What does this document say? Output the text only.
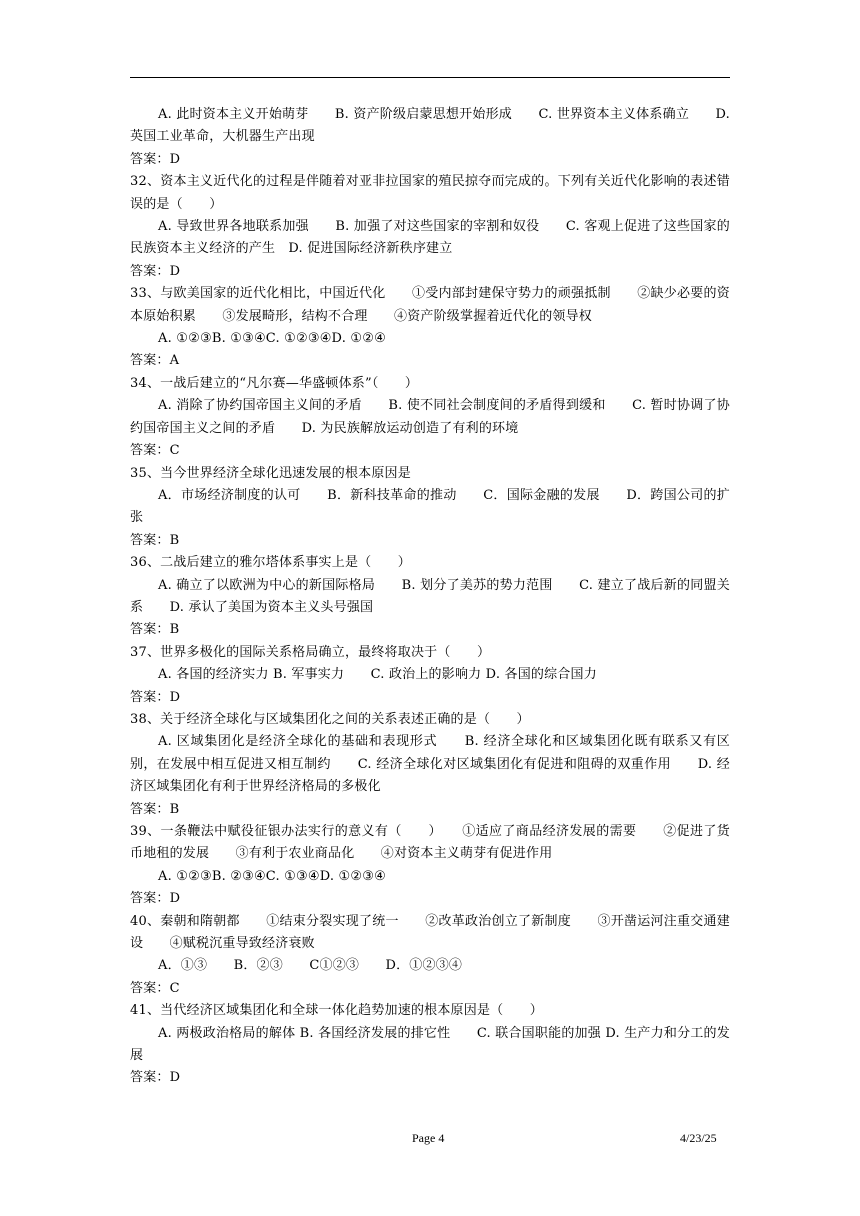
A. 此时资本主义开始萌芽　　B. 资产阶级启蒙思想开始形成　　C. 世界资本主义体系确立　　D. 英国工业革命，大机器生产出现

答案：D

32、资本主义近代化的过程是伴随着对亚非拉国家的殖民掠夺而完成的。下列有关近代化影响的表述错误的是（　　）

A. 导致世界各地联系加强　　B. 加强了对这些国家的宰割和奴役　　C. 客观上促进了这些国家的民族资本主义经济的产生　D. 促进国际经济新秩序建立

答案：D

33、与欧美国家的近代化相比，中国近代化　　①受内部封建保守势力的顽强抵制　　②缺少必要的资本原始积累　　③发展畸形，结构不合理　　④资产阶级掌握着近代化的领导权

A. ①②③B. ①③④C. ①②③④D. ①②④

答案：A

34、一战后建立的“凡尔赛—华盛顿体系”（　　）

A. 消除了协约国帝国主义间的矛盾　　B. 使不同社会制度间的矛盾得到缓和　　C. 暂时协调了协约国帝国主义之间的矛盾　　D. 为民族解放运动创造了有利的环境

答案：C

35、当今世界经济全球化迅速发展的根本原因是

A．市场经济制度的认可　　B．新科技革命的推动　　C．国际金融的发展　　D．跨国公司的扩张

答案：B

36、二战后建立的雅尔塔体系事实上是（　　）

A. 确立了以欧洲为中心的新国际格局　　B. 划分了美苏的势力范围　　C. 建立了战后新的同盟关系　　D. 承认了美国为资本主义头号强国

答案：B

37、世界多极化的国际关系格局确立，最终将取决于（　　）

A. 各国的经济实力 B. 军事实力　　C. 政治上的影响力 D. 各国的综合国力

答案：D

38、关于经济全球化与区域集团化之间的关系表述正确的是（　　）

A. 区域集团化是经济全球化的基础和表现形式　　B. 经济全球化和区域集团化既有联系又有区别，在发展中相互促进又相互制约　　C. 经济全球化对区域集团化有促进和阻碍的双重作用　　D. 经济区域集团化有利于世界经济格局的多极化

答案：B

39、一条鞭法中赋役征银办法实行的意义有（　　）　　①适应了商品经济发展的需要　　②促进了货币地租的发展　　③有利于农业商品化　　④对资本主义萌芽有促进作用

A. ①②③B. ②③④C. ①③④D. ①②③④

答案：D

40、秦朝和隋朝都　　①结束分裂实现了统一　　②改革政治创立了新制度　　③开凿运河注重交通建设　　④赋税沉重导致经济衰败

A．①③　　B．②③　　C①②③　　D．①②③④

答案：C

41、当代经济区域集团化和全球一体化趋势加速的根本原因是（　　）

A. 两极政治格局的解体 B. 各国经济发展的排它性　　C. 联合国职能的加强 D. 生产力和分工的发展

答案：D

Page 4	4/23/25
